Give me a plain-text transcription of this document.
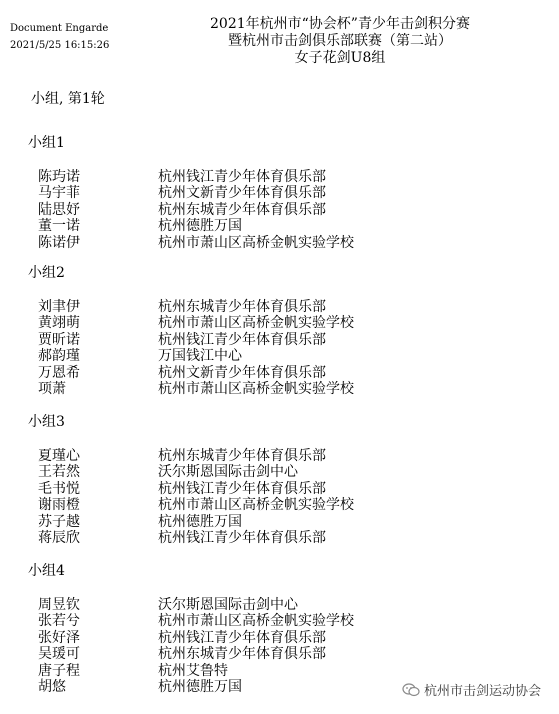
Document Engarde
2021/5/25 16:15:26
2021年杭州市“协会杯”青少年击剑积分赛
暨杭州市击剑俱乐部联赛（第二站）
女子花剑U8组
小组, 第1轮
小组1
陈玙诺	杭州钱江青少年体育俱乐部
马宇菲	杭州文新青少年体育俱乐部
陆思妤	杭州东城青少年体育俱乐部
董一诺	杭州德胜万国
陈诺伊	杭州市萧山区高桥金帆实验学校
小组2
刘聿伊	杭州东城青少年体育俱乐部
黄翊萌	杭州市萧山区高桥金帆实验学校
贾昕诺	杭州钱江青少年体育俱乐部
郝韵瑾	万国钱江中心
万恩希	杭州文新青少年体育俱乐部
项萧	杭州市萧山区高桥金帆实验学校
小组3
夏瑾心	杭州东城青少年体育俱乐部
王若然	沃尔斯恩国际击剑中心
毛书悦	杭州钱江青少年体育俱乐部
谢雨橙	杭州市萧山区高桥金帆实验学校
苏子越	杭州德胜万国
蒋辰欣	杭州钱江青少年体育俱乐部
小组4
周昱钦	沃尔斯恩国际击剑中心
张若兮	杭州市萧山区高桥金帆实验学校
张好泽	杭州钱江青少年体育俱乐部
吴瑗可	杭州东城青少年体育俱乐部
唐子程	杭州艾鲁特
胡悠	杭州德胜万国	杭州市击剑运动协会
